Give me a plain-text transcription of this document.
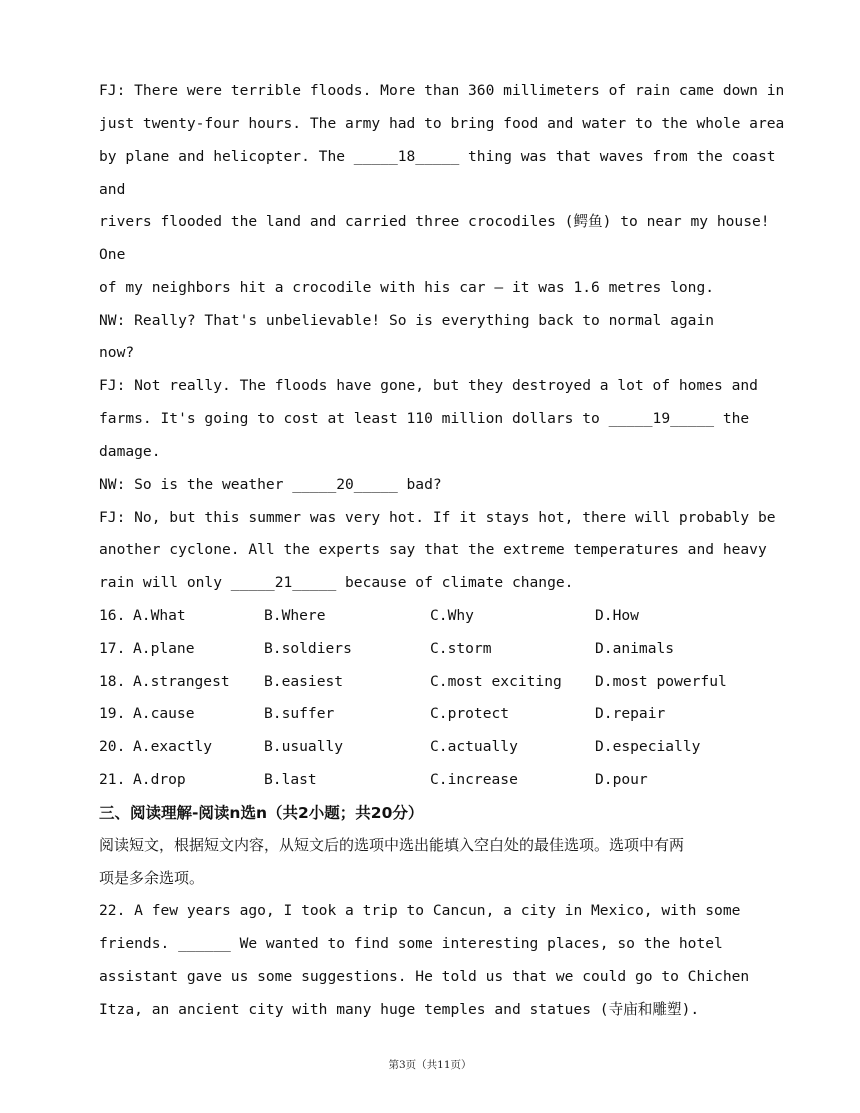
FJ: There were terrible floods. More than 360 millimeters of rain came down in
just twenty-four hours. The army had to bring food and water to the whole area
by plane and helicopter. The _____18_____ thing was that waves from the coast
and
rivers flooded the land and carried three crocodiles (鳄鱼) to near my house!
One
of my neighbors hit a crocodile with his car — it was 1.6 metres long.
NW: Really? That's unbelievable! So is everything back to normal again
now?
FJ: Not really. The floods have gone, but they destroyed a lot of homes and
farms. It's going to cost at least 110 million dollars to _____19_____ the
damage.
NW: So is the weather _____20_____ bad?
FJ: No, but this summer was very hot. If it stays hot, there will probably be
another cyclone. All the experts say that the extreme temperatures and heavy
rain will only _____21_____ because of climate change.

16.

A.What

	B.Where

	C.Why

	D.How

17.

A.plane

	B.soldiers

	C.storm

	D.animals

18.

A.strangest

B.easiest

	C.most exciting

D.most powerful

19.

A.cause

	B.suffer

	C.protect

	D.repair

20.

A.exactly

	B.usually

	C.actually

	D.especially

21.

A.drop

	B.last

	C.increase

	D.pour

三、阅读理解-阅读n选n（共2小题；共20分）
阅读短文，根据短文内容，从短文后的选项中选出能填入空白处的最佳选项。选项中有两
项是多余选项。
22. A few years ago, I took a trip to Cancun, a city in Mexico, with some
friends. ______ We wanted to find some interesting places, so the hotel
assistant gave us some suggestions. He told us that we could go to Chichen
Itza, an ancient city with many huge temples and statues (寺庙和雕塑).
第3页（共11页）
